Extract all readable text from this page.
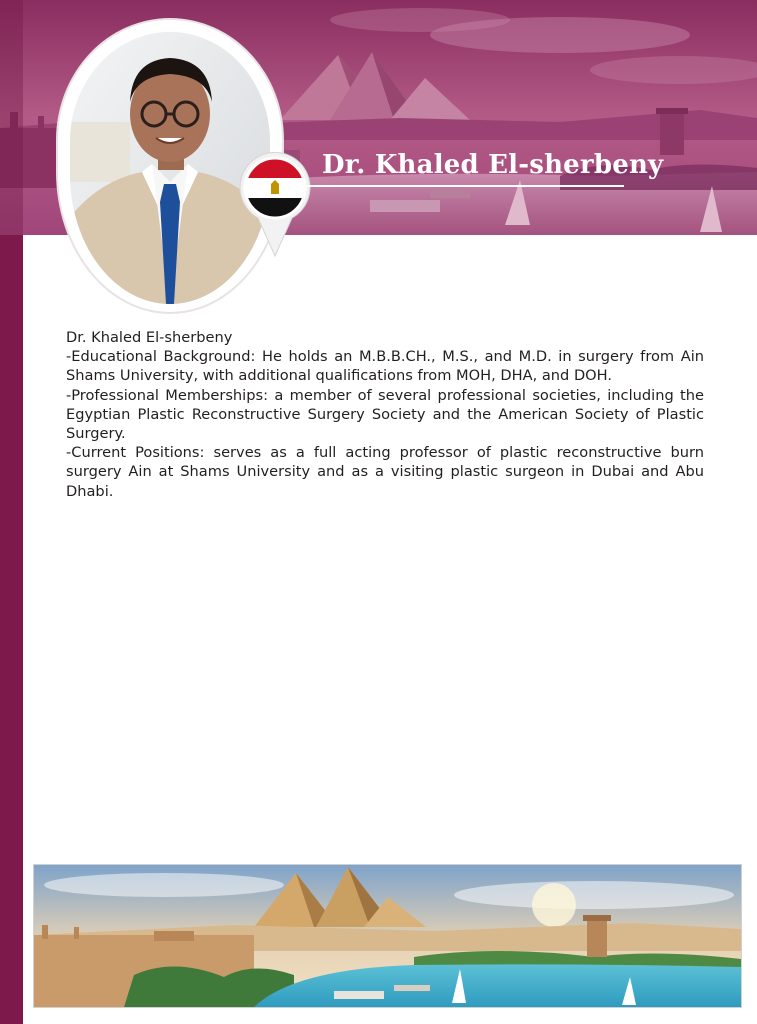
Dr. Khaled El-sherbeny

Dr. Khaled El-sherbeny

-Educational Background: He holds an M.B.B.CH., M.S., and M.D. in surgery from Ain Shams University, with additional qualifications from MOH, DHA, and DOH.

-Professional Memberships: a member of several professional societies, including the Egyptian Plastic Reconstructive Surgery Society and the American Society of Plastic Surgery.

-Current Positions: serves as a full acting professor of plastic reconstructive burn surgery Ain at Shams University and as a visiting plastic surgeon in Dubai and Abu Dhabi.
